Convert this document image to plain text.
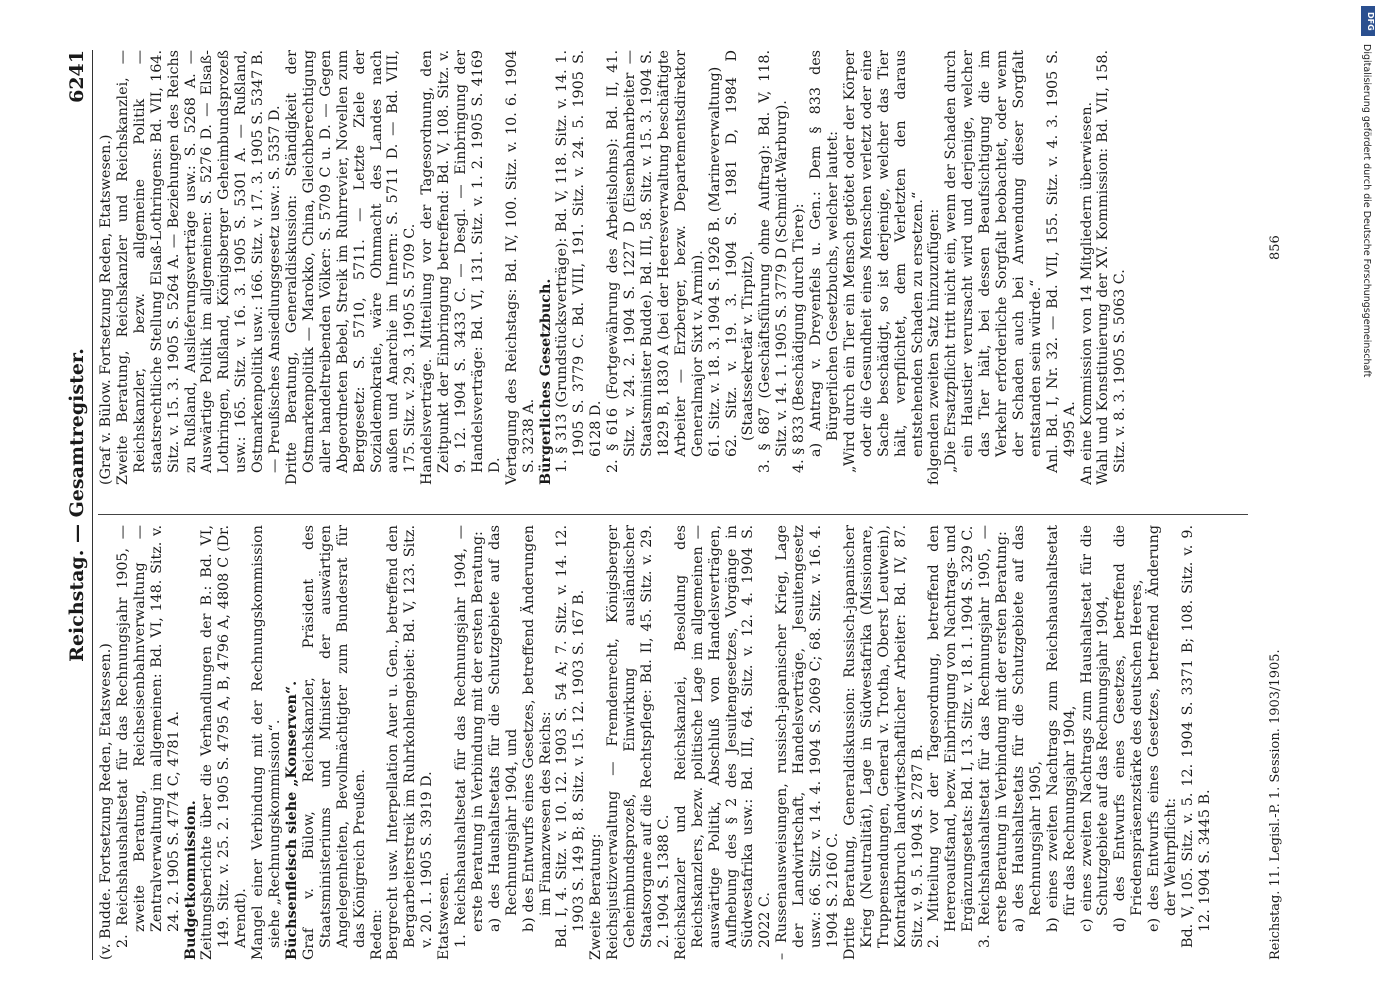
Reichstag. — Gesamtregister.
6241

(v. Budde. Fortsetzung Reden, Etatswesen.) 2. Reichshaushaltsetat für das Rechnungsjahr 1905, — zweite Beratung, Reichseisenbahnverwaltung — Zentralverwaltung im allgemeinen: Bd. VI, 148. Sitz. v. 24. 2. 1905 S. 4774 C, 4781 A. Budgetkommission. Zeitungsberichte über die Verhandlungen der B.: Bd. VI, 149. Sitz. v. 25. 2. 1905 S. 4795 A, B, 4796 A, 4808 C (Dr. Arendt). Mangel einer Verbindung mit der Rechnungskommission siehe „Rechnungskommission“. Büchsenfleisch siehe „Konserven“. Graf v. Bülow, Reichskanzler, Präsident des Staatsministeriums und Minister der auswärtigen Angelegenheiten, Bevollmächtigter zum Bundesrat für das Königreich Preußen. Reden: Bergrecht usw. Interpellation Auer u. Gen., betreffend den Bergarbeiterstreik im Ruhrkohlengebiet: Bd. V, 123. Sitz. v. 20. 1. 1905 S. 3919 D. Etatswesen. 1. Reichshaushaltsetat für das Rechnungsjahr 1904, — erste Beratung in Verbindung mit der ersten Beratung: a) des Haushaltsetats für die Schutzgebiete auf das Rechnungsjahr 1904, und b) des Entwurfs eines Gesetzes, betreffend Änderungen im Finanzwesen des Reichs: Bd. I, 4. Sitz. v. 10. 12. 1903 S. 54 A; 7. Sitz. v. 14. 12. 1903 S. 149 B; 8. Sitz. v. 15. 12. 1903 S. 167 B. Zweite Beratung: Reichsjustizverwaltung — Fremdenrecht, Königsberger Geheimbundsprozeß, Einwirkung ausländischer Staatsorgane auf die Rechtspflege: Bd. II, 45. Sitz. v. 29. 2. 1904 S. 1388 C. Reichskanzler und Reichskanzlei, Besoldung des Reichskanzlers, bezw. politische Lage im allgemeinen — auswärtige Politik, Abschluß von Handelsverträgen, Aufhebung des § 2 des Jesuitengesetzes, Vorgänge in Südwestafrika usw.: Bd. III, 64. Sitz. v. 12. 4. 1904 S. 2022 C. – Russenausweisungen, russisch-japanischer Krieg, Lage der Landwirtschaft, Handelsverträge, Jesuitengesetz usw.: 66. Sitz. v. 14. 4. 1904 S. 2069 C; 68. Sitz. v. 16. 4. 1904 S. 2160 C. Dritte Beratung, Generaldiskussion: Russisch-japanischer Krieg (Neutralität), Lage in Südwestafrika (Missionare, Truppensendungen, General v. Trotha, Oberst Leutwein), Kontraktbruch landwirtschaftlicher Arbeiter: Bd. IV, 87. Sitz. v. 9. 5. 1904 S. 2787 B. 2. Mitteilung vor der Tagesordnung, betreffend den Hereroaufstand, bezw. Einbringung von Nachtrags- und Ergänzungsetats: Bd. I, 13. Sitz. v. 18. 1. 1904 S. 329 C. 3. Reichshaushaltsetat für das Rechnungsjahr 1905, — erste Beratung in Verbindung mit der ersten Beratung: a) des Haushaltsetats für die Schutzgebiete auf das Rechnungsjahr 1905, b) eines zweiten Nachtrags zum Reichshaushaltsetat für das Rechnungsjahr 1904, c) eines zweiten Nachtrags zum Haushaltsetat für die Schutzgebiete auf das Rechnungsjahr 1904, d) des Entwurfs eines Gesetzes, betreffend die Friedenspräsenzstärke des deutschen Heeres, e) des Entwurfs eines Gesetzes, betreffend Änderung der Wehrpflicht: Bd. V, 105. Sitz. v. 5. 12. 1904 S. 3371 B; 108. Sitz. v. 9. 12. 1904 S. 3445 B.

(Graf v. Bülow. Fortsetzung Reden, Etatswesen.) Zweite Beratung, Reichskanzler und Reichskanzlei, — Reichskanzler, bezw. allgemeine Politik — staatsrechtliche Stellung Elsaß-Lothringens: Bd. VII, 164. Sitz. v. 15. 3. 1905 S. 5264 A. — Beziehungen des Reichs zu Rußland, Auslieferungsverträge usw.: S. 5268 A. — Auswärtige Politik im allgemeinen: S. 5276 D. — Elsaß-Lothringen, Rußland, Königsberger Geheimbundsprozeß usw.: 165. Sitz. v. 16. 3. 1905 S. 5301 A. — Rußland, Ostmarkenpolitik usw.: 166. Sitz. v. 17. 3. 1905 S. 5347 B. — Preußisches Ansiedlungsgesetz usw.: S. 5357 D. Dritte Beratung, Generaldiskussion: Ständigkeit der Ostmarkenpolitik — Marokko, China, Gleichberechtigung aller handeltreibenden Völker: S. 5709 C u. D. — Gegen Abgeordneten Bebel, Streik im Ruhrrevier, Novellen zum Berggesetz: S. 5710, 5711. — Letzte Ziele der Sozialdemokratie, wäre Ohnmacht des Landes nach außen und Anarchie im Innern: S. 5711 D. — Bd. VIII, 175. Sitz. v. 29. 3. 1905 S. 5709 C. Handelsverträge. Mitteilung vor der Tagesordnung, den Zeitpunkt der Einbringung betreffend: Bd. V, 108. Sitz. v. 9. 12. 1904 S. 3433 C. — Desgl. — Einbringung der Handelsverträge: Bd. VI, 131. Sitz. v. 1. 2. 1905 S. 4169 D. Vertagung des Reichstags: Bd. IV, 100. Sitz. v. 10. 6. 1904 S. 3238 A. Bürgerliches Gesetzbuch. 1. § 313 (Grundstücksverträge): Bd. V, 118. Sitz. v. 14. 1. 1905 S. 3779 C. Bd. VIII, 191. Sitz. v. 24. 5. 1905 S. 6128 D. 2. § 616 (Fortgewährung des Arbeitslohns): Bd. II, 41. Sitz. v. 24. 2. 1904 S. 1227 D (Eisenbahnarbeiter — Staatsminister Budde). Bd. III, 58. Sitz. v. 15. 3. 1904 S. 1829 B, 1830 A (bei der Heeresverwaltung beschäftigte Arbeiter — Erzberger, bezw. Departementsdirektor Generalmajor Sixt v. Armin). 61. Sitz. v. 18. 3. 1904 S. 1926 B. (Marineverwaltung) 62. Sitz. v. 19. 3. 1904 S. 1981 D, 1984 D (Staatssekretär v. Tirpitz). 3. § 687 (Geschäftsführung ohne Auftrag): Bd. V, 118. Sitz. v. 14. 1. 1905 S. 3779 D (Schmidt-Warburg). 4. § 833 (Beschädigung durch Tiere): a) Antrag v. Dreyenfels u. Gen.: Dem § 833 des Bürgerlichen Gesetzbuchs, welcher lautet: „Wird durch ein Tier ein Mensch getötet oder der Körper oder die Gesundheit eines Menschen verletzt oder eine Sache beschädigt, so ist derjenige, welcher das Tier hält, verpflichtet, dem Verletzten den daraus entstehenden Schaden zu ersetzen.“ folgenden zweiten Satz hinzuzufügen: „Die Ersatzpflicht tritt nicht ein, wenn der Schaden durch ein Haustier verursacht wird und derjenige, welcher das Tier hält, bei dessen Beaufsichtigung die im Verkehr erforderliche Sorgfalt beobachtet, oder wenn der Schaden auch bei Anwendung dieser Sorgfalt entstanden sein würde.“ Anl. Bd. I, Nr. 32. — Bd. VII, 155. Sitz. v. 4. 3. 1905 S. 4995 A. An eine Kommission von 14 Mitgliedern überwiesen. Wahl und Konstituierung der XV. Kommission: Bd. VII, 158. Sitz. v. 8. 3. 1905 S. 5063 C.

Reichstag. 11. Legisl.-P. 1. Session. 1903/1905.
856
DFG
Digitalisierung gefördert durch die Deutsche Forschungsgemeinschaft
